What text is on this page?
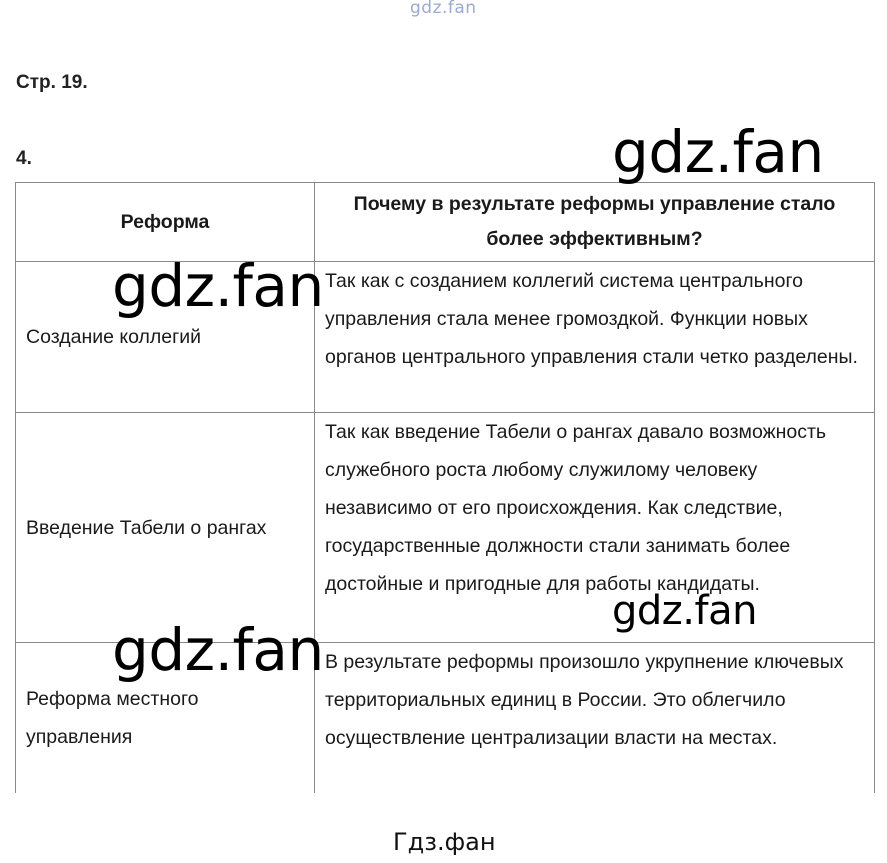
gdz.fan
Стр. 19.
4.
Реформа	Почему в результате реформы управление стало более эффективным?
Создание коллегий	Так как с созданием коллегий система центрального управления стала менее громоздкой. Функции новых органов центрального управления стали четко разделены.
Введение Табели о рангах	Так как введение Табели о рангах давало возможность служебного роста любому служилому человеку независимо от его происхождения. Как следствие, государственные должности стали занимать более достойные и пригодные для работы кандидаты.
Реформа местного управления	В результате реформы произошло укрупнение ключевых территориальных единиц в России. Это облегчило осуществление централизации власти на местах.
gdz.fan
gdz.fan
gdz.fan
gdz.fan
Гдз.фан
